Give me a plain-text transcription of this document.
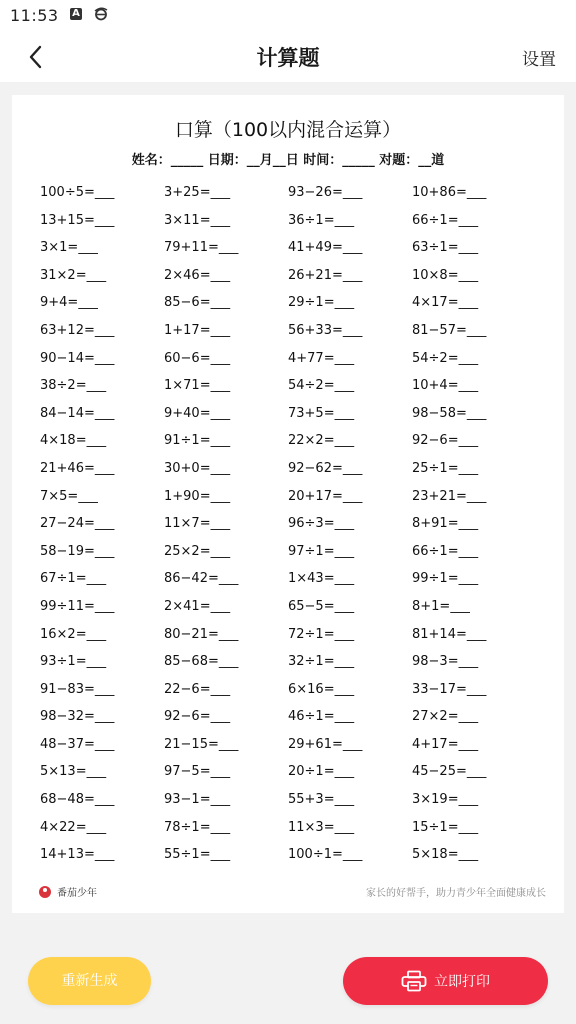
11:53 A
计算题	设置
口算（100以内混合运算）
姓名：_____ 日期：__月__日 时间：_____ 对题：__道
100÷5=___	3+25=___	93−26=___	10+86=___
13+15=___	3×11=___	36÷1=___	66÷1=___
3×1=___	79+11=___	41+49=___	63÷1=___
31×2=___	2×46=___	26+21=___	10×8=___
9+4=___	85−6=___	29÷1=___	4×17=___
63+12=___	1+17=___	56+33=___	81−57=___
90−14=___	60−6=___	4+77=___	54÷2=___
38÷2=___	1×71=___	54÷2=___	10+4=___
84−14=___	9+40=___	73+5=___	98−58=___
4×18=___	91÷1=___	22×2=___	92−6=___
21+46=___	30+0=___	92−62=___	25÷1=___
7×5=___	1+90=___	20+17=___	23+21=___
27−24=___	11×7=___	96÷3=___	8+91=___
58−19=___	25×2=___	97÷1=___	66÷1=___
67÷1=___	86−42=___	1×43=___	99÷1=___
99÷11=___	2×41=___	65−5=___	8+1=___
16×2=___	80−21=___	72÷1=___	81+14=___
93÷1=___	85−68=___	32÷1=___	98−3=___
91−83=___	22−6=___	6×16=___	33−17=___
98−32=___	92−6=___	46÷1=___	27×2=___
48−37=___	21−15=___	29+61=___	4+17=___
5×13=___	97−5=___	20÷1=___	45−25=___
68−48=___	93−1=___	55+3=___	3×19=___
4×22=___	78÷1=___	11×3=___	15÷1=___
14+13=___	55÷1=___	100÷1=___	5×18=___
番茄少年	家长的好帮手，助力青少年全面健康成长
重新生成	立即打印
